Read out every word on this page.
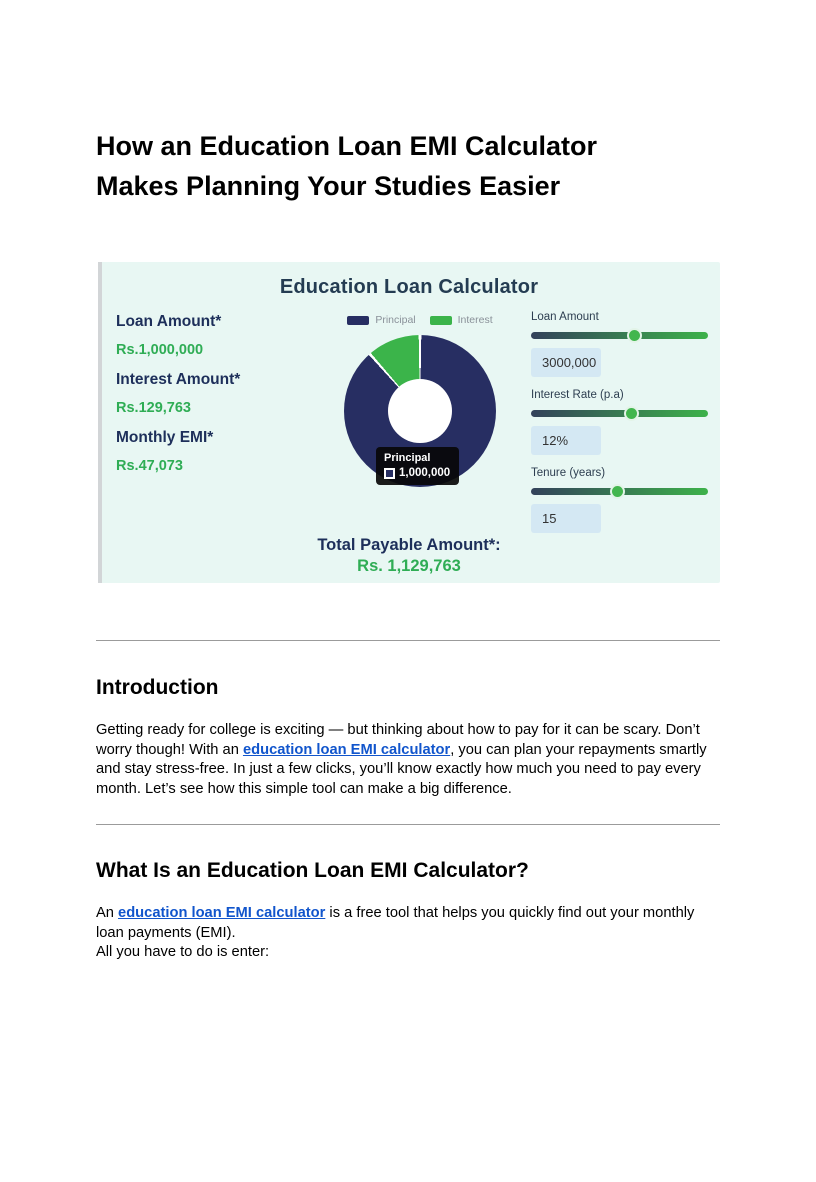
How an Education Loan EMI Calculator
Makes Planning Your Studies Easier
Education Loan Calculator
Loan Amount*
Rs.1,000,000
Interest Amount*
Rs.129,763
Monthly EMI*
Rs.47,073
Principal	Interest
Principal
1,000,000
Loan Amount
3000,000
Interest Rate (p.a)
12%
Tenure (years)
15
Total Payable Amount*:
Rs. 1,129,763
Introduction

Getting ready for college is exciting — but thinking about how to pay for it can be scary. Don’t worry though! With an education loan EMI calculator, you can plan your repayments smartly and stay stress-free. In just a few clicks, you’ll know exactly how much you need to pay every month. Let’s see how this simple tool can make a big difference.

What Is an Education Loan EMI Calculator?

An education loan EMI calculator is a free tool that helps you quickly find out your monthly loan payments (EMI).
All you have to do is enter:
